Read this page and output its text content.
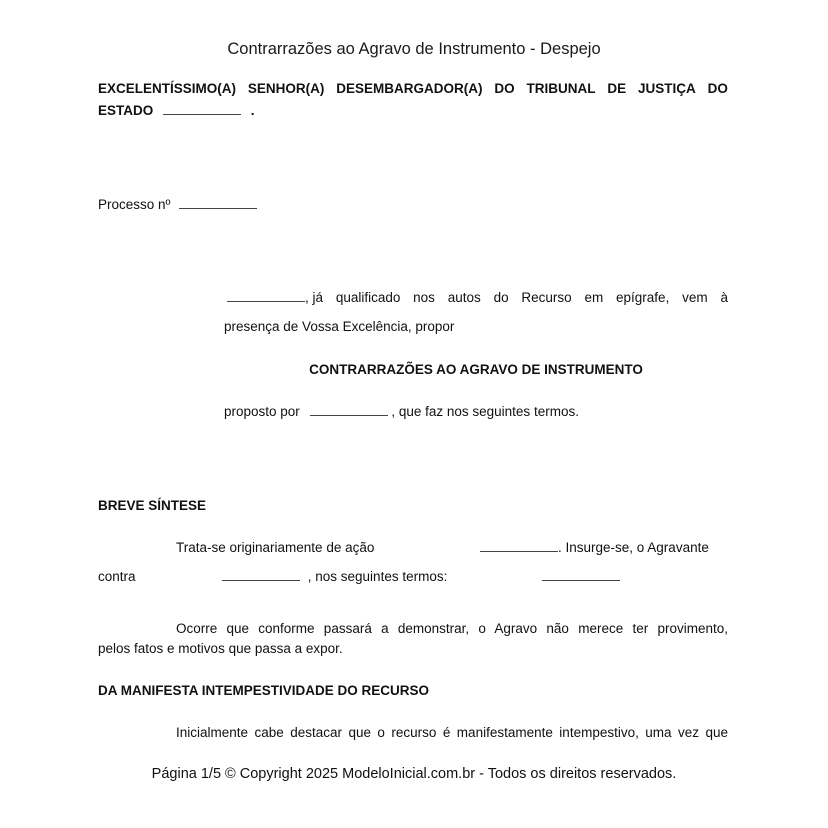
Contrarrazões ao Agravo de Instrumento - Despejo
EXCELENTÍSSIMO(A) SENHOR(A) DESEMBARGADOR(A) DO TRIBUNAL DE JUSTIÇA DO
ESTADO	.
Processo nº
, já qualificado nos autos do Recurso em epígrafe, vem à
presença de Vossa Excelência, propor
CONTRARRAZÕES AO AGRAVO DE INSTRUMENTO
proposto por	, que faz nos seguintes termos.
BREVE SÍNTESE
Trata-se originariamente de ação	. Insurge-se, o Agravante
contra	, nos seguintes termos:
Ocorre que conforme passará a demonstrar, o Agravo não merece ter provimento,
pelos fatos e motivos que passa a expor.
DA MANIFESTA INTEMPESTIVIDADE DO RECURSO
Inicialmente cabe destacar que o recurso é manifestamente intempestivo, uma vez que
Página 1/5 © Copyright 2025 ModeloInicial.com.br - Todos os direitos reservados.
